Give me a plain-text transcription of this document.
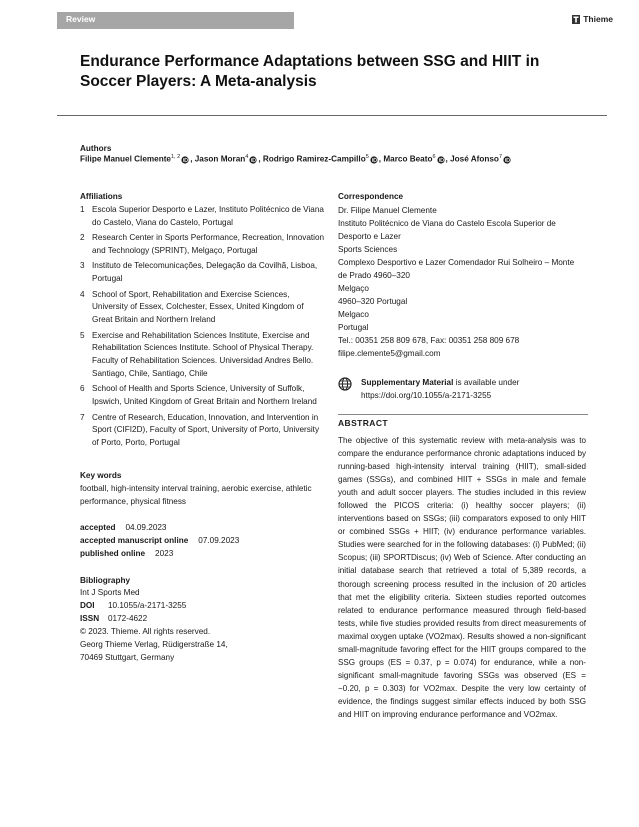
Review	Thieme
Endurance Performance Adaptations between SSG and HIIT in Soccer Players: A Meta-analysis
Authors
Filipe Manuel Clemente$^{1, 2}$ , Jason Moran$^4$ , Rodrigo Ramirez-Campillo$^5$ , Marco Beato$^6$ , José Afonso$^7$
Affiliations
1 Escola Superior Desporto e Lazer, Instituto Politécnico de Viana do Castelo, Viana do Castelo, Portugal
2 Research Center in Sports Performance, Recreation, Innovation and Technology (SPRINT), Melgaço, Portugal
3 Instituto de Telecomunicações, Delegação da Covilhã, Lisboa, Portugal
4 School of Sport, Rehabilitation and Exercise Sciences, University of Essex, Colchester, Essex, United Kingdom of Great Britain and Northern Ireland
5 Exercise and Rehabilitation Sciences Institute, Exercise and Rehabilitation Sciences Institute. School of Physical Therapy. Faculty of Rehabilitation Sciences. Universidad Andres Bello. Santiago, Chile, Santiago, Chile
6 School of Health and Sports Science, University of Suffolk, Ipswich, United Kingdom of Great Britain and Northern Ireland
7 Centre of Research, Education, Innovation, and Intervention in Sport (CIFI2D), Faculty of Sport, University of Porto, University of Porto, Porto, Portugal
Key words
football, high-intensity interval training, aerobic exercise, athletic performance, physical fitness
accepted 04.09.2023
accepted manuscript online 07.09.2023
published online 2023
Bibliography
Int J Sports Med
DOI	10.1055/a-2171-3255
ISSN	0172-4622
© 2023. Thieme. All rights reserved.
Georg Thieme Verlag, Rüdigerstraße 14,
70469 Stuttgart, Germany
Correspondence
Dr. Filipe Manuel Clemente
Instituto Politécnico de Viana do Castelo Escola Superior de Desporto e Lazer
Sports Sciences
Complexo Desportivo e Lazer Comendador Rui Solheiro – Monte de Prado 4960–320
Melgaço
4960–320 Portugal
Melgaco
Portugal
Tel.: 00351 258 809 678, Fax: 00351 258 809 678
filipe.clemente5@gmail.com
Supplementary Material is available under https://doi.org/10.1055/a-2171-3255
ABSTRACT
The objective of this systematic review with meta-analysis was to compare the endurance performance chronic adaptations induced by running-based high-intensity interval training (HIIT), small-sided games (SSGs), and combined HIIT + SSGs in male and female youth and adult soccer players. The studies included in this review followed the PICOS criteria: (i) healthy soccer players; (ii) interventions based on SSGs; (iii) comparators exposed to only HIIT or combined SSGs + HIIT; (iv) endurance performance variables. Studies were searched for in the following databases: (i) PubMed; (ii) Scopus; (iii) SPORTDiscus; (iv) Web of Science. After conducting an initial database search that retrieved a total of 5,389 records, a thorough screening process resulted in the inclusion of 20 articles that met the eligibility criteria. Sixteen studies reported outcomes related to endurance performance measured through field-based tests, while five studies provided results from direct measurements of maximal oxygen uptake (VO2max). Results showed a non-significant small-magnitude favoring effect for the HIIT groups compared to the SSG groups (ES = 0.37, p = 0.074) for endurance, while a non-significant small-magnitude favoring SSGs was observed (ES = −0.20, p = 0.303) for VO2max. Despite the very low certainty of evidence, the findings suggest similar effects induced by both SSG and HIIT on improving endurance performance and VO2max.
